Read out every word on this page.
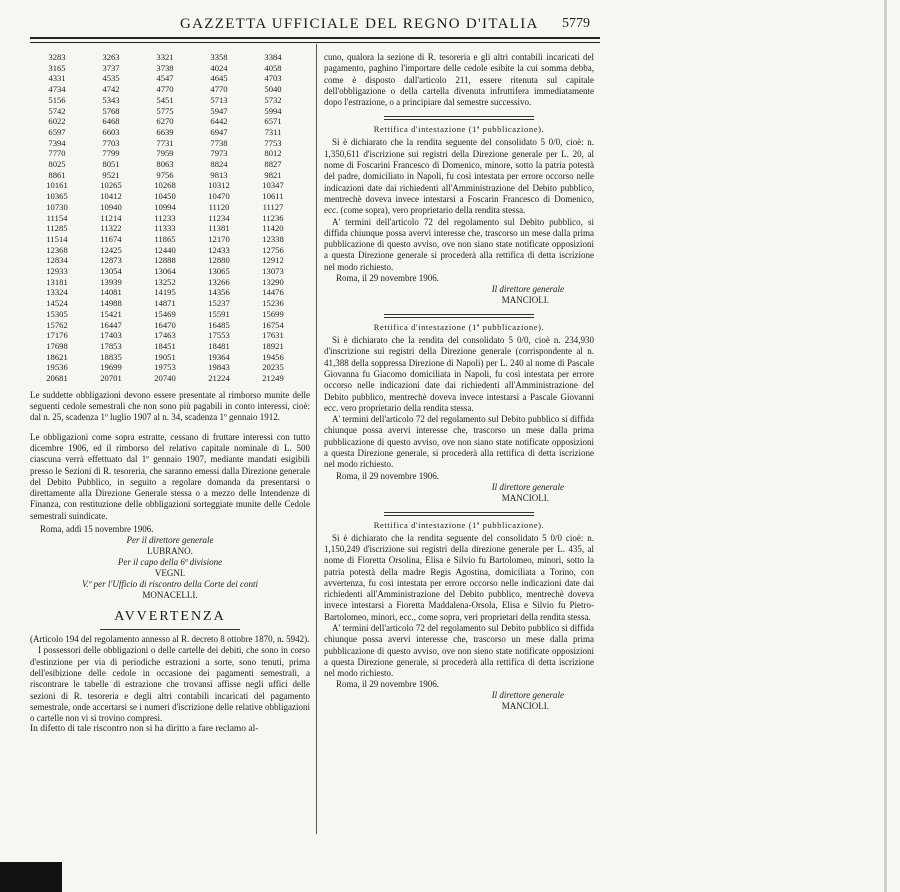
GAZZETTA UFFICIALE DEL REGNO D'ITALIA 5779
3283	3263	3321	3358	3384
3165	3737	3738	4024	4058
4331	4535	4547	4645	4703
4734	4742	4770	4770	5040
5156	5343	5451	5713	5732
5742	5768	5775	5947	5994
6022	6468	6270	6442	6571
6597	6603	6639	6947	7311
7394	7703	7731	7738	7753
7770	7799	7959	7973	8012
8025	8051	8063	8824	8827
8861	9521	9756	9813	9821
10161	10265	10268	10312	10347
10365	10412	10450	10470	10611
10730	10940	10994	11120	11127
11154	11214	11233	11234	11236
11285	11322	11333	11381	11420
11514	11674	11865	12170	12338
12368	12425	12440	12433	12756
12834	12873	12888	12880	12912
12933	13054	13064	13065	13073
13181	13939	13252	13266	13290
13324	14081	14195	14356	14476
14524	14988	14871	15237	15236
15305	15421	15469	15591	15699
15762	16447	16470	16485	16754
17176	17403	17463	17553	17631
17698	17853	18451	18481	18921
18621	18835	19051	19364	19456
19536	19699	19753	19843	20235
20681	20701	20740	21224	21249

Le suddette obbligazioni devono essere presentate al rimborso munite delle seguenti cedole semestrali che non sono più pagabili in conto interessi, cioè: dal n. 25, scadenza 1º luglio 1907 al n. 34, scadenza 1º gennaio 1912.

Le obbligazioni come sopra estratte, cessano di fruttare interessi con tutto dicembre 1906, ed il rimborso del relativo capitale nominale di L. 500 ciascuna verrà effettuato dal 1º gennaio 1907, mediante mandati esigibili presso le Sezioni di R. tesoreria, che saranno emessi dalla Direzione generale del Debito Pubblico, in seguito a regolare domanda da presentarsi o direttamente alla Direzione Generale stessa o a mezzo delle Intendenze di Finanza, con restituzione delle obbligazioni sorteggiate munite delle Cedole semestrali suindicate.

Roma, addì 15 novembre 1906.
Per il direttore generale
LUBRANO.
Per il capo della 6ª divisione
VEGNI.
V.º per l'Ufficio di riscontro della Corte dei conti
MONACELLI.
AVVERTENZA

(Articolo 194 del regolamento annesso al R. decreto 8 ottobre 1870, n. 5942).

I possessori delle obbligazioni o delle cartelle dei debiti, che sono in corso d'estinzione per via di periodiche estrazioni a sorte, sono tenuti, prima dell'esibizione delle cedole in occasione dei pagamenti semestrali, a riscontrare le tabelle di estrazione che trovansi affisse negli uffici delle sezioni di R. tesoreria e degli altri contabili incaricati del pagamento semestrale, onde accertarsi se i numeri d'iscrizione delle relative obbligazioni o cartelle non vi si trovino compresi.

In difetto di tale riscontro non si ha diritto a fare reclamo al-

cuno, qualora la sezione di R. tesoreria e gli altri contabili incaricati del pagamento, paghino l'importare delle cedole esibite la cui somma debba, come è disposto dall'articolo 211, essere ritenuta sul capitale dell'obbligazione o della cartella divenuta infruttifera immediatamente dopo l'estrazione, o a principiare dal semestre successivo.

Rettifica d'intestazione (1ª pubblicazione).

Si è dichiarato che la rendita seguente del consolidato 5 0/0, cioè: n. 1,350,611 d'iscrizione sui registri della Direzione generale per L. 20, al nome di Foscarini Francesco di Domenico, minore, sotto la patria potestà del padre, domiciliato in Napoli, fu così intestata per errore occorso nelle indicazioni date dai richiedenti all'Amministrazione del Debito pubblico, mentrechè doveva invece intestarsi a Foscarin Francesco di Domenico, ecc. (come sopra), vero proprietario della rendita stessa.

A' termini dell'articolo 72 del regolamento sul Debito pubblico, si diffida chiunque possa avervi interesse che, trascorso un mese dalla prima pubblicazione di questo avviso, ove non siano state notificate opposizioni a questa Direzione generale si procederà alla rettifica di detta iscrizione nel modo richiesto.

Roma, il 29 novembre 1906.
Il direttore generale
MANCIOLI.
Rettifica d'intestazione (1ª pubblicazione).

Si è dichiarato che la rendita del consolidato 5 0/0, cioè n. 234,930 d'inscrizione sui registri della Direzione generale (corrispondente al n. 41,388 della soppressa Direzione di Napoli) per L. 240 al nome di Pascale Giovanna fu Giacomo domiciliata in Napoli, fu così intestata per errore occorso nelle indicazioni date dai richiedenti all'Amministrazione del Debito pubblico, mentrechè doveva invece intestarsi a Pascale Giovanni ecc. vero proprietario della rendita stessa.

A' termini dell'articolo 72 del regolamento sul Debito pubblico si diffida chiunque possa avervi interesse che, trascorso un mese dalla prima pubblicazione di questo avviso, ove non siano state notificate opposizioni a questa Direzione generale, si procederà alla rettifica di detta iscrizione nel modo richiesto.

Roma, il 29 novembre 1906.
Il direttore generale
MANCIOLI.
Rettifica d'intestazione (1ª pubblicazione).

Si è dichiarato che la rendita seguente del consolidato 5 0/0 cioè: n. 1,150,249 d'iscrizione sui registri della direzione generale per L. 435, al nome di Fioretta Orsolina, Elisa e Silvio fu Bartolomeo, minori, sotto la patria potestà della madre Regis Agostina, domiciliata a Torino, con avvertenza, fu così intestata per errore occorso nelle indicazioni date dai richiedenti all'Amministrazione del Debito pubblico, mentrechè doveva invece intestarsi a Fioretta Maddalena-Orsola, Elisa e Silvio fu Pietro-Bartolomeo, minori, ecc., come sopra, veri proprietari della rendita stessa.

A' termini dell'articolo 72 del regolamento sul Debito pubblico si diffida chiunque possa avervi interesse che, trascorso un mese dalla prima pubblicazione di questo avviso, ove non sieno state notificate opposizioni a questa Direzione generale, si procederà alla rettifica di detta iscrizione nel modo richiesto.

Roma, il 29 novembre 1906.
Il direttore generale
MANCIOLI.
